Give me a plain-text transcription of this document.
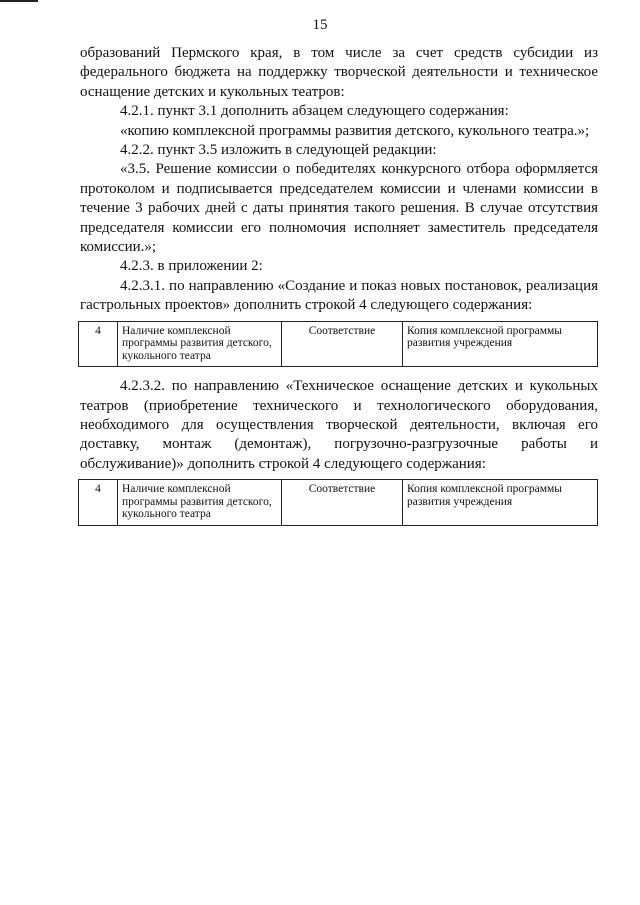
15

образований Пермского края, в том числе за счет средств субсидии из федерального бюджета на поддержку творческой деятельности и техническое оснащение детских и кукольных театров:

4.2.1. пункт 3.1 дополнить абзацем следующего содержания:

«копию комплексной программы развития детского, кукольного театра.»;

4.2.2. пункт 3.5 изложить в следующей редакции:

«3.5. Решение комиссии о победителях конкурсного отбора оформляется протоколом и подписывается председателем комиссии и членами комиссии в течение 3 рабочих дней с даты принятия такого решения. В случае отсутствия председателя комиссии его полномочия исполняет заместитель председателя комиссии.»;

4.2.3. в приложении 2:

4.2.3.1. по направлению «Создание и показ новых постановок, реализация гастрольных проектов» дополнить строкой 4 следующего содержания:

4	Наличие комплексной программы развития детского, кукольного театра	Соответствие	Копия комплексной программы развития учреждения

4.2.3.2. по направлению «Техническое оснащение детских и кукольных театров (приобретение технического и технологического оборудования, необходимого для осуществления творческой деятельности, включая его доставку, монтаж (демонтаж), погрузочно-разгрузочные работы и обслуживание)» дополнить строкой 4 следующего содержания:

4	Наличие комплексной программы развития детского, кукольного театра	Соответствие	Копия комплексной программы развития учреждения
